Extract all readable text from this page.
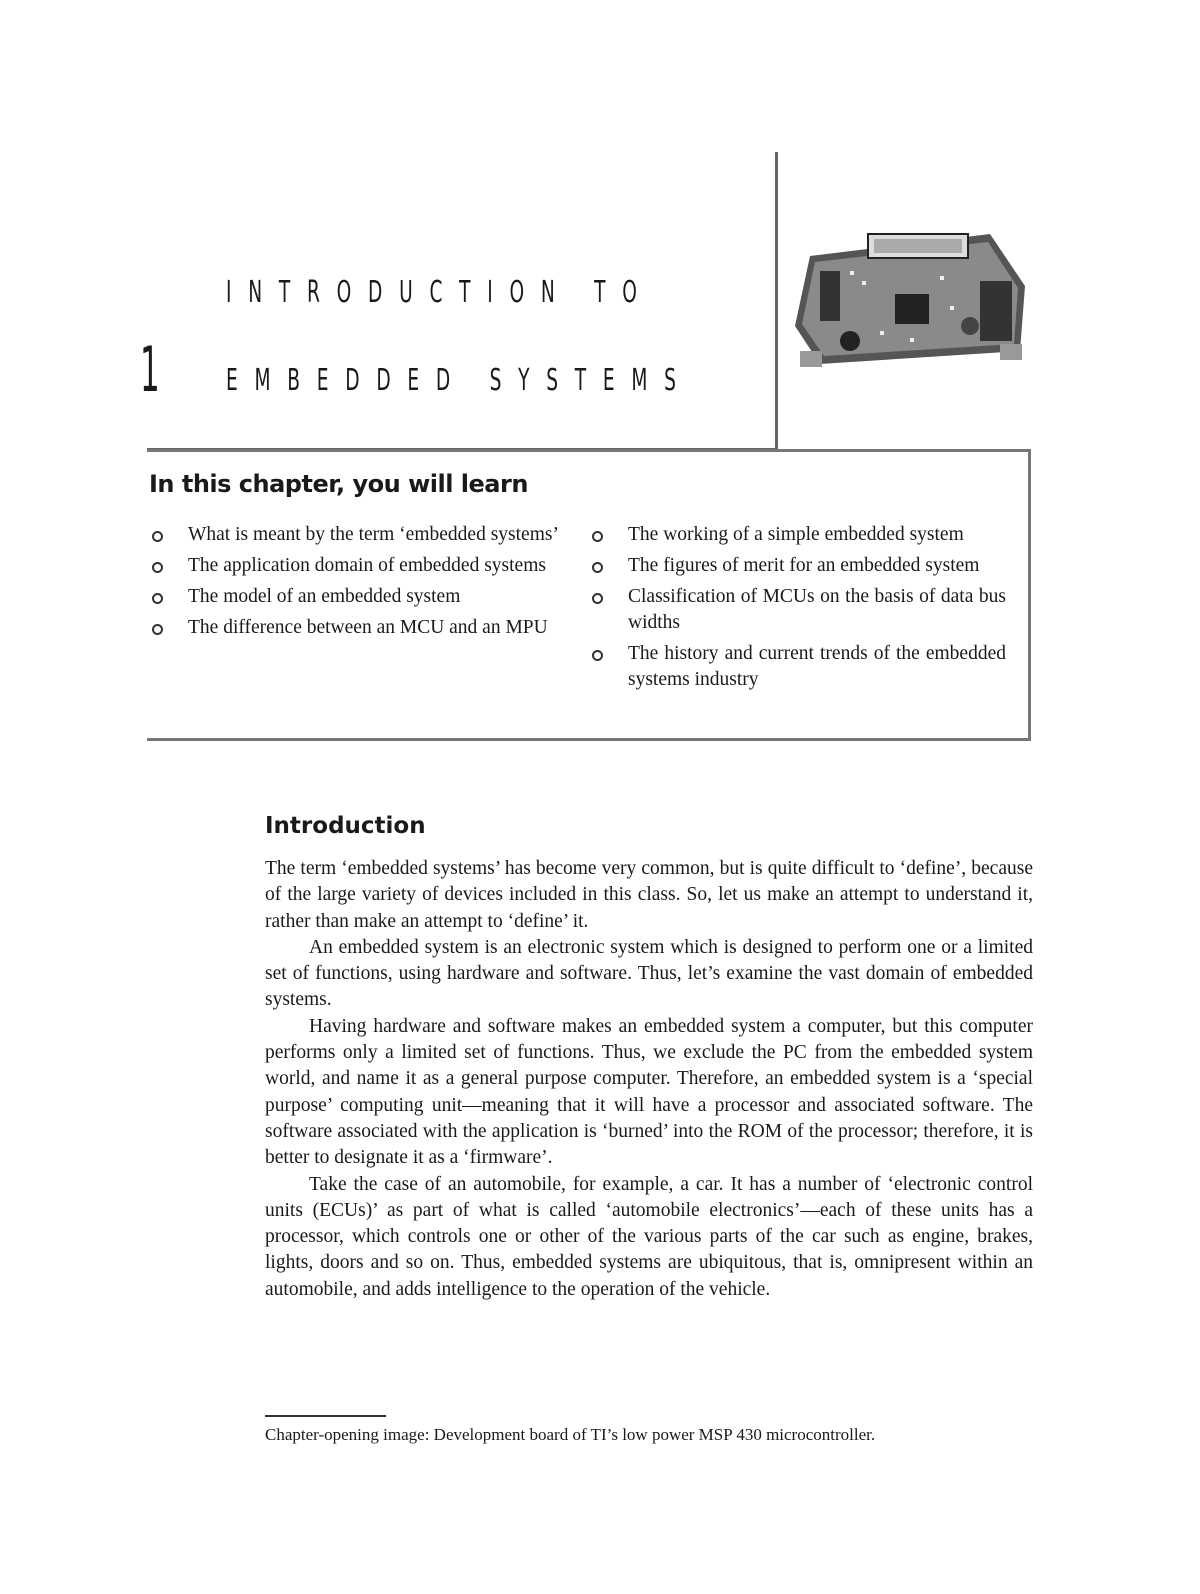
1
INTRODUCTION TO
EMBEDDED SYSTEMS
In this chapter, you will learn
What is meant by the term ‘embedded systems’
The application domain of embedded systems
The model of an embedded system
The difference between an MCU and an MPU
The working of a simple embedded system
The figures of merit for an embedded system
Classification of MCUs on the basis of data bus widths
The history and current trends of the embedded systems industry
Introduction

The term ‘embedded systems’ has become very common, but is quite difficult to ‘define’, because of the large variety of devices included in this class. So, let us make an attempt to understand it, rather than make an attempt to ‘define’ it.

An embedded system is an electronic system which is designed to perform one or a limited set of functions, using hardware and software. Thus, let’s examine the vast domain of embedded systems.

Having hardware and software makes an embedded system a computer, but this computer performs only a limited set of functions. Thus, we exclude the PC from the embedded system world, and name it as a general purpose computer. Therefore, an embedded system is a ‘special purpose’ computing unit—meaning that it will have a processor and associated software. The software associated with the application is ‘burned’ into the ROM of the processor; therefore, it is better to designate it as a ‘firmware’.

Take the case of an automobile, for example, a car. It has a number of ‘electronic control units (ECUs)’ as part of what is called ‘automobile electronics’—each of these units has a processor, which controls one or other of the various parts of the car such as engine, brakes, lights, doors and so on. Thus, embedded systems are ubiquitous, that is, omnipresent within an automobile, and adds intelligence to the operation of the vehicle.

Chapter-opening image: Development board of TI’s low power MSP 430 microcontroller.
